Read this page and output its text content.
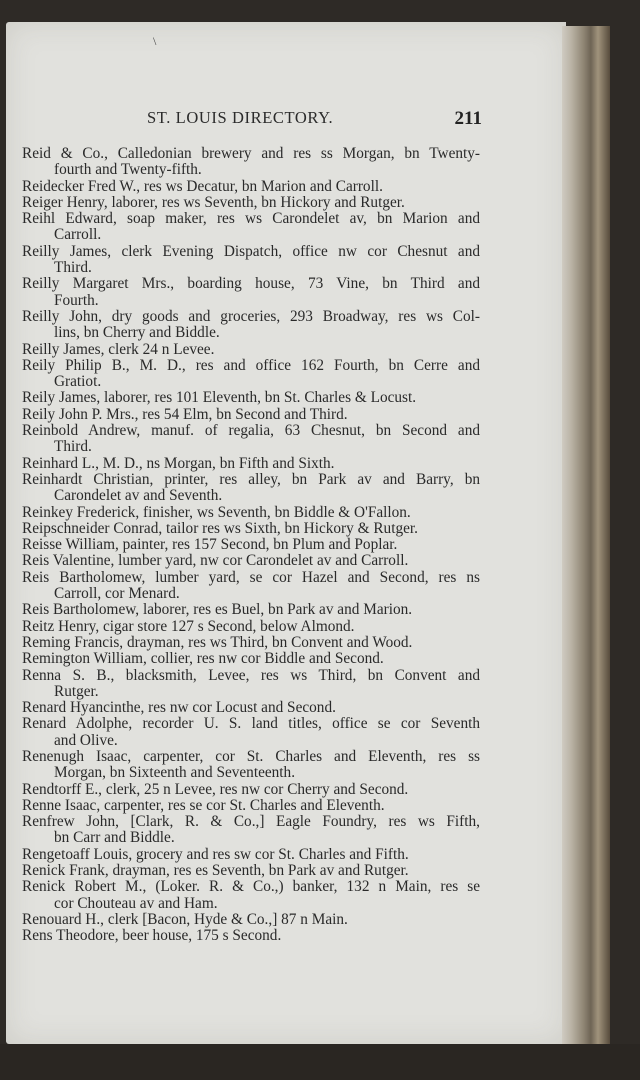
ST. LOUIS DIRECTORY.	211
\
Reid & Co., Calledonian brewery and res ss Morgan, bn Twenty-
fourth and Twenty-fifth.
Reidecker Fred W., res ws Decatur, bn Marion and Carroll.
Reiger Henry, laborer, res ws Seventh, bn Hickory and Rutger.
Reihl Edward, soap maker, res ws Carondelet av, bn Marion and
Carroll.
Reilly James, clerk Evening Dispatch, office nw cor Chesnut and
Third.
Reilly Margaret Mrs., boarding house, 73 Vine, bn Third and
Fourth.
Reilly John, dry goods and groceries, 293 Broadway, res ws Col-
lins, bn Cherry and Biddle.
Reilly James, clerk 24 n Levee.
Reily Philip B., M. D., res and office 162 Fourth, bn Cerre and
Gratiot.
Reily James, laborer, res 101 Eleventh, bn St. Charles & Locust.
Reily John P. Mrs., res 54 Elm, bn Second and Third.
Reinbold Andrew, manuf. of regalia, 63 Chesnut, bn Second and
Third.
Reinhard L., M. D., ns Morgan, bn Fifth and Sixth.
Reinhardt Christian, printer, res alley, bn Park av and Barry, bn
Carondelet av and Seventh.
Reinkey Frederick, finisher, ws Seventh, bn Biddle & O'Fallon.
Reipschneider Conrad, tailor res ws Sixth, bn Hickory & Rutger.
Reisse William, painter, res 157 Second, bn Plum and Poplar.
Reis Valentine, lumber yard, nw cor Carondelet av and Carroll.
Reis Bartholomew, lumber yard, se cor Hazel and Second, res ns
Carroll, cor Menard.
Reis Bartholomew, laborer, res es Buel, bn Park av and Marion.
Reitz Henry, cigar store 127 s Second, below Almond.
Reming Francis, drayman, res ws Third, bn Convent and Wood.
Remington William, collier, res nw cor Biddle and Second.
Renna S. B., blacksmith, Levee, res ws Third, bn Convent and
Rutger.
Renard Hyancinthe, res nw cor Locust and Second.
Renard Adolphe, recorder U. S. land titles, office se cor Seventh
and Olive.
Renenugh Isaac, carpenter, cor St. Charles and Eleventh, res ss
Morgan, bn Sixteenth and Seventeenth.
Rendtorff E., clerk, 25 n Levee, res nw cor Cherry and Second.
Renne Isaac, carpenter, res se cor St. Charles and Eleventh.
Renfrew John, [Clark, R. & Co.,] Eagle Foundry, res ws Fifth,
bn Carr and Biddle.
Rengetoaff Louis, grocery and res sw cor St. Charles and Fifth.
Renick Frank, drayman, res es Seventh, bn Park av and Rutger.
Renick Robert M., (Loker. R. & Co.,) banker, 132 n Main, res se
cor Chouteau av and Ham.
Renouard H., clerk [Bacon, Hyde & Co.,] 87 n Main.
Rens Theodore, beer house, 175 s Second.
